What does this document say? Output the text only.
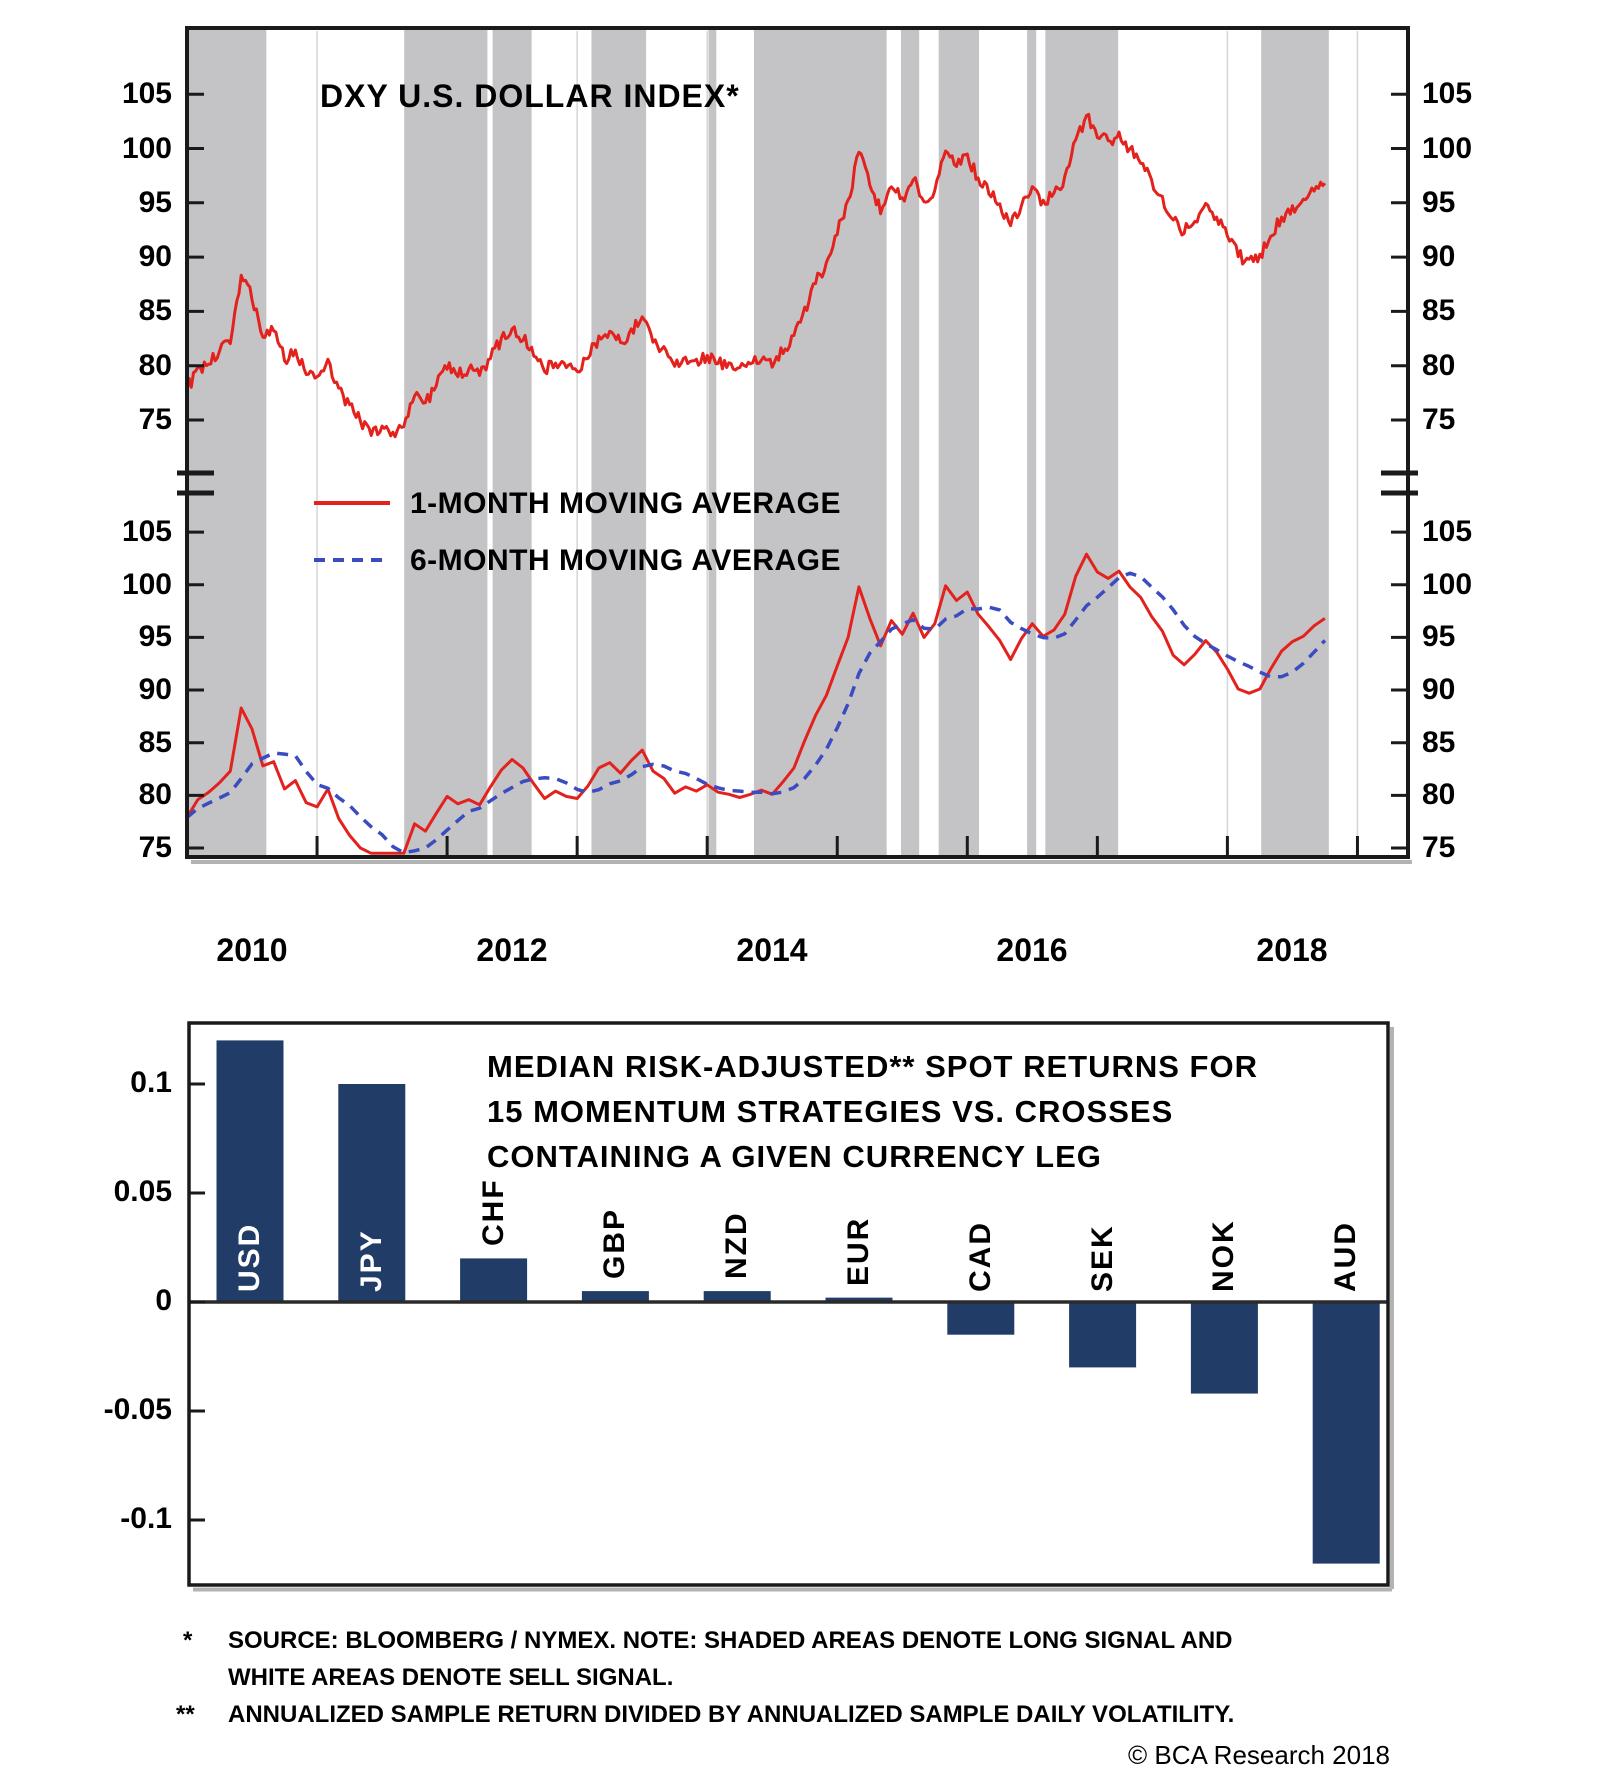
DXY U.S. DOLLAR INDEX*
1-MONTH MOVING AVERAGE
6-MONTH MOVING AVERAGE
2010	2012	2014	2016	2018
MEDIAN RISK-ADJUSTED** SPOT RETURNS FOR
15 MOMENTUM STRATEGIES VS. CROSSES
CONTAINING A GIVEN CURRENCY LEG
0.1
0.05
0
-0.05
-0.1
* SOURCE: BLOOMBERG / NYMEX. NOTE: SHADED AREAS DENOTE LONG SIGNAL AND
WHITE AREAS DENOTE SELL SIGNAL.
** ANNUALIZED SAMPLE RETURN DIVIDED BY ANNUALIZED SAMPLE DAILY VOLATILITY.
© BCA Research 2018
105	105
100	100
95	95
90	90
85	85
80	80
75	75
105	105
100	100
95	95
90	90
85	85
80	80
75	75
USD	JPY
CHF	GBP	NZD	EUR	CAD	SEK	NOK	AUD
